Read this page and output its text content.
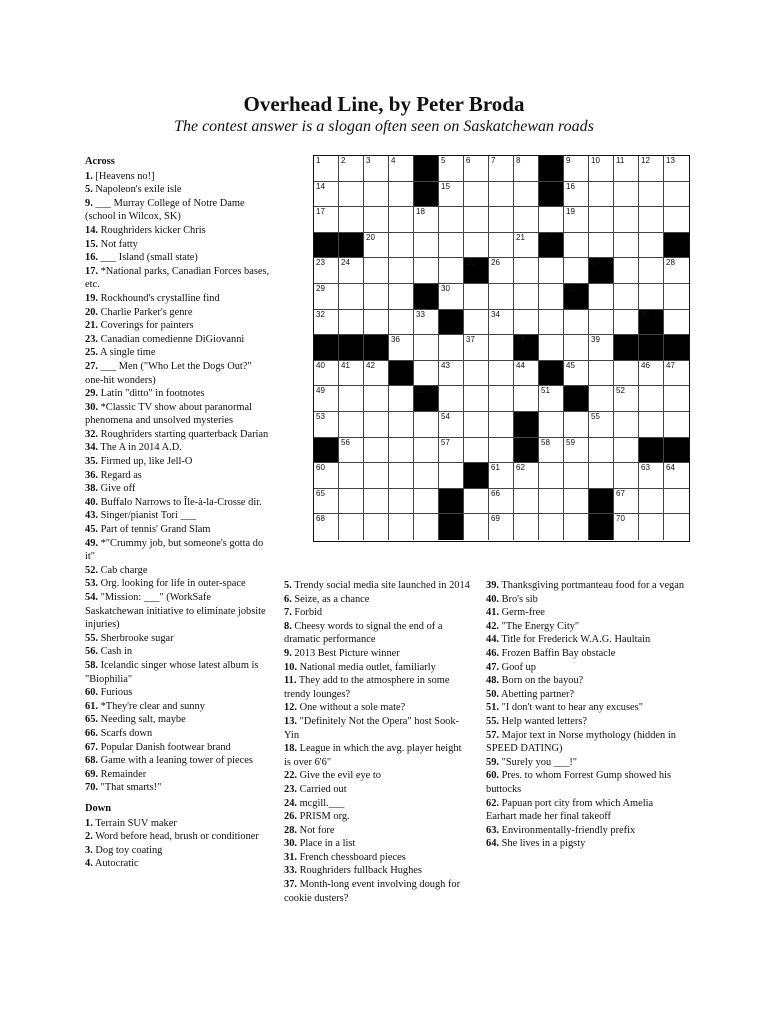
Overhead Line, by Peter Broda
The contest answer is a slogan often seen on Saskatchewan roads
1	2	3	4	5	6	7	8	9	10 11 12 13
14	15	16
17	18	19
20	21 22
23 24	25 26	27	28
29	30	31
32	33	34	35
36	37	38	39
40 41 42	43	44	45	46 47
49	50	51	52
53	54	55
56	57	58 59
60	61 62	63 64
65	66	67
68	69	70
Across
1. [Heavens no!]
5. Napoleon's exile isle
9. ___ Murray College of Notre Dame (school in Wilcox, SK)
14. Roughriders kicker Chris
15. Not fatty
16. ___ Island (small state)
17. *National parks, Canadian Forces bases, etc.
19. Rockhound's crystalline find
20. Charlie Parker's genre
21. Coverings for painters
23. Canadian comedienne DiGiovanni
25. A single time
27. ___ Men ("Who Let the Dogs Out?" one-hit wonders)
29. Latin "ditto" in footnotes
30. *Classic TV show about paranormal phenomena and unsolved mysteries
32. Roughriders starting quarterback Darian
34. The A in 2014 A.D.
35. Firmed up, like Jell-O
36. Regard as
38. Give off
40. Buffalo Narrows to Île-à-la-Crosse dir.
43. Singer/pianist Tori ___
45. Part of tennis' Grand Slam
49. *"Crummy job, but someone's gotta do it"
52. Cab charge
53. Org. looking for life in outer-space
54. "Mission: ___" (WorkSafe Saskatchewan initiative to eliminate jobsite injuries)
55. Sherbrooke sugar
56. Cash in
58. Icelandic singer whose latest album is "Biophilia"
60. Furious
61. *They're clear and sunny
65. Needing salt, maybe
66. Scarfs down
67. Popular Danish footwear brand
68. Game with a leaning tower of pieces
69. Remainder
70. "That smarts!"
Down
1. Terrain SUV maker
2. Word before head, brush or conditioner
3. Dog toy coating
4. Autocratic
5. Trendy social media site launched in 2014
6. Seize, as a chance
7. Forbid
8. Cheesy words to signal the end of a dramatic performance
9. 2013 Best Picture winner
10. National media outlet, familiarly
11. They add to the atmosphere in some trendy lounges?
12. One without a sole mate?
13. "Definitely Not the Opera" host Sook-Yin
18. League in which the avg. player height is over 6'6"
22. Give the evil eye to
23. Carried out
24. mcgill.___
26. PRISM org.
28. Not fore
30. Place in a list
31. French chessboard pieces
33. Roughriders fullback Hughes
37. Month-long event involving dough for cookie dusters?
39. Thanksgiving portmanteau food for a vegan
40. Bro's sib
41. Germ-free
42. "The Energy City"
44. Title for Frederick W.A.G. Haultain
46. Frozen Baffin Bay obstacle
47. Goof up
48. Born on the bayou?
50. Abetting partner?
51. "I don't want to hear any excuses"
55. Help wanted letters?
57. Major text in Norse mythology (hidden in SPEED DATING)
59. "Surely you ___!"
60. Pres. to whom Forrest Gump showed his buttocks
62. Papuan port city from which Amelia Earhart made her final takeoff
63. Environmentally-friendly prefix
64. She lives in a pigsty
